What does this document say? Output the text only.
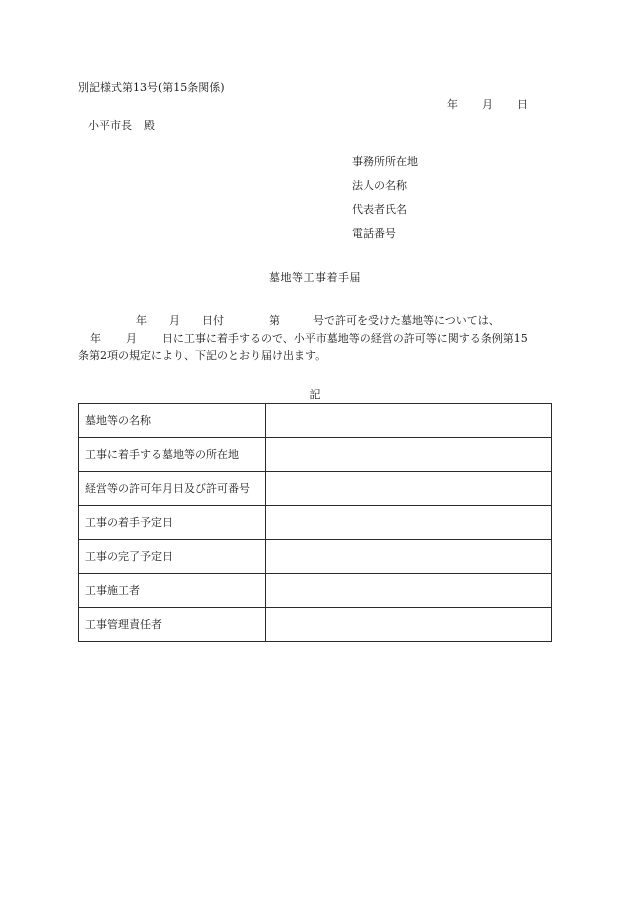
別記様式第13号(第15条関係)
年 月 日
小平市長 殿
事務所所在地
法人の名称
代表者氏名
電話番号
墓地等工事着手届
年 月 日付	第	号で許可を受けた墓地等については、
年 月 日に工事に着手するので、小平市墓地等の経営の許可等に関する条例第15
条第2項の規定により、下記のとおり届け出ます。
記
墓地等の名称	
工事に着手する墓地等の所在地	
経営等の許可年月日及び許可番号	
工事の着手予定日	
工事の完了予定日	
工事施工者	
工事管理責任者	
